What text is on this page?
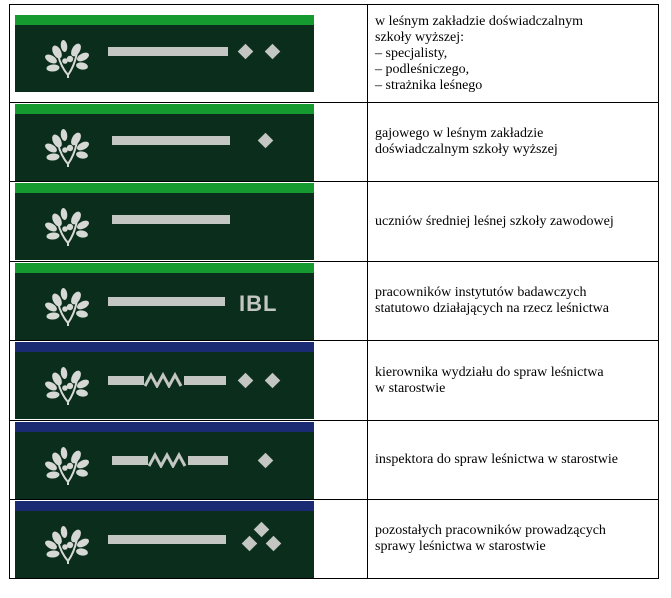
w leśnym zakładzie doświadczalnym
szkoły wyższej:
– specjalisty,
– podleśniczego,
– strażnika leśnego

gajowego w leśnym zakładzie
doświadczalnym szkoły wyższej

uczniów średniej leśnej szkoły zawodowej

IBL	pracowników instytutów badawczych
statutowo działających na rzecz leśnictwa

kierownika wydziału do spraw leśnictwa
w starostwie

inspektora do spraw leśnictwa w starostwie

pozostałych pracowników prowadzących
sprawy leśnictwa w starostwie
